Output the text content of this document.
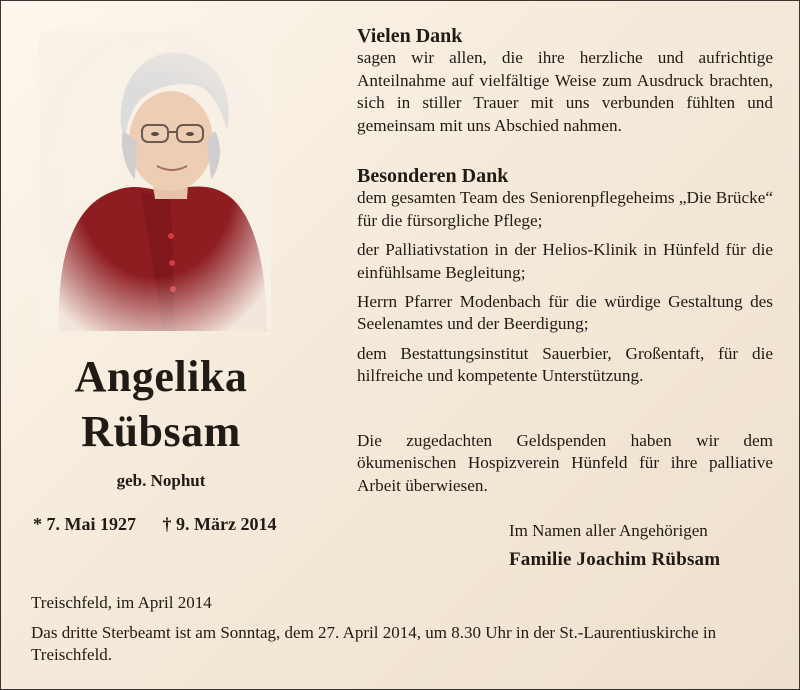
Angelika
Rübsam
geb. Nophut
* 7. Mai 1927 † 9. März 2014

Vielen Dank

sagen wir allen, die ihre herzliche und aufrichtige Anteilnahme auf vielfältige Weise zum Ausdruck brachten, sich in stiller Trauer mit uns verbunden fühlten und gemeinsam mit uns Abschied nahmen.

Besonderen Dank

dem gesamten Team des Seniorenpflegeheims „Die Brücke“ für die fürsorgliche Pflege;

der Palliativstation in der Helios-Klinik in Hünfeld für die einfühlsame Begleitung;

Herrn Pfarrer Modenbach für die würdige Gestaltung des Seelenamtes und der Beerdigung;

dem Bestattungsinstitut Sauerbier, Großentaft, für die hilfreiche und kompetente Unterstützung.

Die zugedachten Geldspenden haben wir dem ökumenischen Hospizverein Hünfeld für ihre palliative Arbeit überwiesen.

Im Namen aller Angehörigen
Familie Joachim Rübsam
Treischfeld, im April 2014
Das dritte Sterbeamt ist am Sonntag, dem 27. April 2014, um 8.30 Uhr in der St.-Laurentiuskirche in Treischfeld.
